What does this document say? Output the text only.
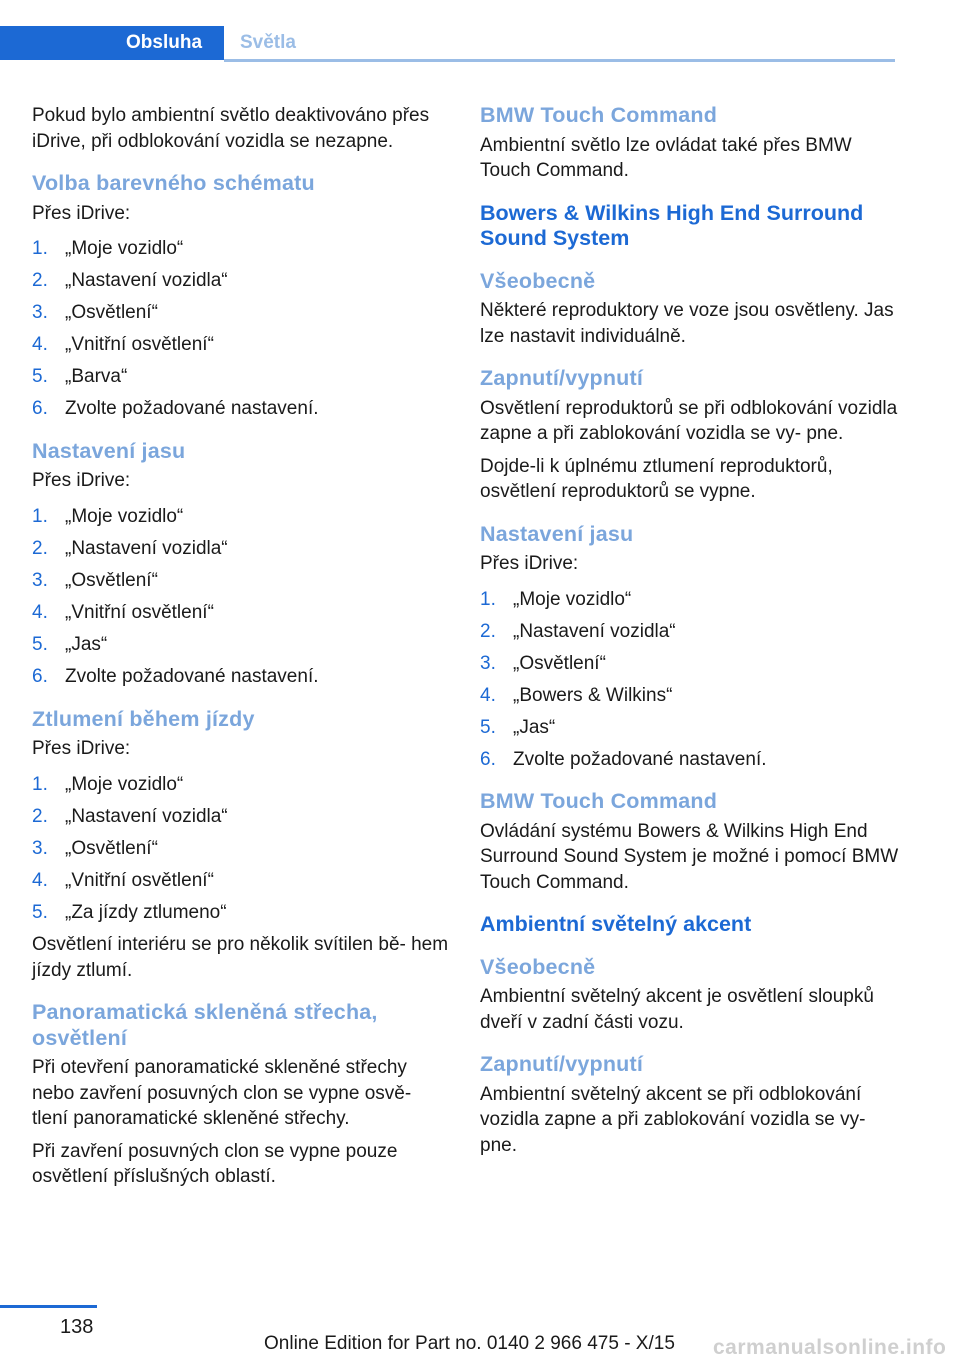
Obsluha Světla

Pokud bylo ambientní světlo deaktivováno přes iDrive, při odblokování vozidla se nezapne.

Volba barevného schématu

Přes iDrive:

1. „Moje vozidlo“
2. „Nastavení vozidla“
3. „Osvětlení“
4. „Vnitřní osvětlení“
5. „Barva“
6. Zvolte požadované nastavení.
Nastavení jasu

Přes iDrive:

1. „Moje vozidlo“
2. „Nastavení vozidla“
3. „Osvětlení“
4. „Vnitřní osvětlení“
5. „Jas“
6. Zvolte požadované nastavení.
Ztlumení během jízdy

Přes iDrive:

1. „Moje vozidlo“
2. „Nastavení vozidla“
3. „Osvětlení“
4. „Vnitřní osvětlení“
5. „Za jízdy ztlumeno“

Osvětlení interiéru se pro několik svítilen bě- hem jízdy ztlumí.

Panoramatická skleněná střecha, osvětlení

Při otevření panoramatické skleněné střechy nebo zavření posuvných clon se vypne osvě- tlení panoramatické skleněné střechy.

Při zavření posuvných clon se vypne pouze osvětlení příslušných oblastí.

BMW Touch Command

Ambientní světlo lze ovládat také přes BMW Touch Command.

Bowers & Wilkins High End Surround Sound System
Všeobecně

Některé reproduktory ve voze jsou osvětleny. Jas lze nastavit individuálně.

Zapnutí/vypnutí

Osvětlení reproduktorů se při odblokování vozidla zapne a při zablokování vozidla se vy- pne.

Dojde-li k úplnému ztlumení reproduktorů, osvětlení reproduktorů se vypne.

Nastavení jasu

Přes iDrive:

1. „Moje vozidlo“
2. „Nastavení vozidla“
3. „Osvětlení“
4. „Bowers & Wilkins“
5. „Jas“
6. Zvolte požadované nastavení.
BMW Touch Command

Ovládání systému Bowers & Wilkins High End Surround Sound System je možné i pomocí BMW Touch Command.

Ambientní světelný akcent
Všeobecně

Ambientní světelný akcent je osvětlení sloupků dveří v zadní části vozu.

Zapnutí/vypnutí

Ambientní světelný akcent se při odblokování vozidla zapne a při zablokování vozidla se vy- pne.

138
Online Edition for Part no. 0140 2 966 475 - X/15 carmanualsonline.info
